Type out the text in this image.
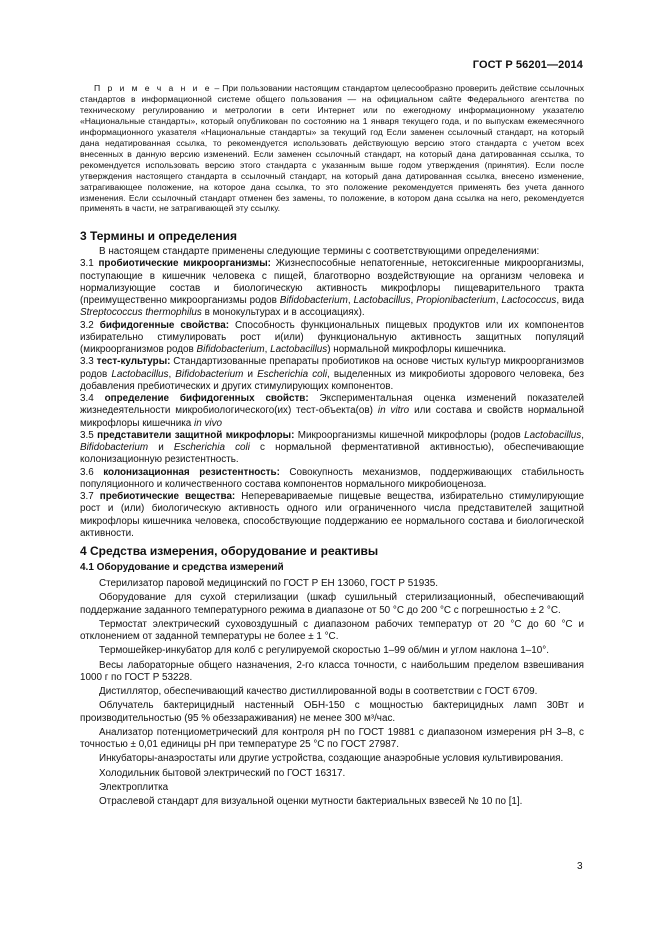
ГОСТ Р 56201—2014
П р и м е ч а н и е – При пользовании настоящим стандартом целесообразно проверить действие ссылочных стандартов в информационной системе общего пользования — на официальном сайте Федерального агентства по техническому регулированию и метрологии в сети Интернет или по ежегодному информационному указателю «Национальные стандарты», который опубликован по состоянию на 1 января текущего года, и по выпускам ежемесячного информационного указателя «Национальные стандарты» за текущий год Если заменен ссылочный стандарт, на который дана недатированная ссылка, то рекомендуется использовать действующую версию этого стандарта с учетом всех внесенных в данную версию изменений. Если заменен ссылочный стандарт, на который дана датированная ссылка, то рекомендуется использовать версию этого стандарта с указанным выше годом утверждения (принятия). Если после утверждения настоящего стандарта в ссылочный стандарт, на который дана датированная ссылка, внесено изменение, затрагивающее положение, на которое дана ссылка, то это положение рекомендуется применять без учета данного изменения. Если ссылочный стандарт отменен без замены, то положение, в котором дана ссылка на него, рекомендуется применять в части, не затрагивающей эту ссылку.
3 Термины и определения

В настоящем стандарте применены следующие термины с соответствующими определениями:

3.1 пробиотические микроорганизмы: Жизнеспособные непатогенные, нетоксигенные микроорганизмы, поступающие в кишечник человека с пищей, благотворно воздействующие на организм человека и нормализующие состав и биологическую активность микрофлоры пищеварительного тракта (преимущественно микроорганизмы родов Bifidobacterium, Lactobacillus, Propionibacterium, Lactococcus, вида Streptococcus thermophilus в монокультурах и в ассоциациях).

3.2 бифидогенные свойства: Способность функциональных пищевых продуктов или их компонентов избирательно стимулировать рост и(или) функциональную активность защитных популяций (микроорганизмов родов Bifidobacterium, Lactobacillus) нормальной микрофлоры кишечника.

3.3 тест-культуры: Стандартизованные препараты пробиотиков на основе чистых культур микроорганизмов родов Lactobacillus, Bifidobacterium и Escherichia coli, выделенных из микробиоты здорового человека, без добавления пребиотических и других стимулирующих компонентов.

3.4 определение бифидогенных свойств: Экспериментальная оценка изменений показателей жизнедеятельности микробиологического(их) тест-объекта(ов) in vitro или состава и свойств нормальной микрофлоры кишечника in vivo

3.5 представители защитной микрофлоры: Микроорганизмы кишечной микрофлоры (родов Lactobacillus, Bifidobacterium и Escherichia coli с нормальной ферментативной активностью), обеспечивающие колонизационную резистентность.

3.6 колонизационная резистентность: Совокупность механизмов, поддерживающих стабильность популяционного и количественного состава компонентов нормального микробиоценоза.

3.7 пребиотические вещества: Неперевариваемые пищевые вещества, избирательно стимулирующие рост и (или) биологическую активность одного или ограниченного числа представителей защитной микрофлоры кишечника человека, способствующие поддержанию ее нормального состава и биологической активности.

4 Средства измерения, оборудование и реактивы
4.1 Оборудование и средства измерений

Стерилизатор паровой медицинский по ГОСТ Р ЕН 13060, ГОСТ Р 51935.

Оборудование для сухой стерилизации (шкаф сушильный стерилизационный, обеспечивающий поддержание заданного температурного режима в диапазоне от 50 °С до 200 °С с погрешностью ± 2 °С.

Термостат электрический суховоздушный с диапазоном рабочих температур от 20 °С до 60 °С и отклонением от заданной температуры не более ± 1 °С.

Термошейкер-инкубатор для колб с регулируемой скоростью 1–99 об/мин и углом наклона 1–10°.

Весы лабораторные общего назначения, 2-го класса точности, с наибольшим пределом взвешивания 1000 г по ГОСТ Р 53228.

Дистиллятор, обеспечивающий качество дистиллированной воды в соответствии с ГОСТ 6709.

Облучатель бактерицидный настенный ОБН-150 с мощностью бактерицидных ламп 30Вт и производительностью (95 % обеззараживания) не менее 300 м³/час.

Анализатор потенциометрический для контроля рН по ГОСТ 19881 с диапазоном измерения рН 3–8, с точностью ± 0,01 единицы рН при температуре 25 °С по ГОСТ 27987.

Инкубаторы-анаэростаты или другие устройства, создающие анаэробные условия культивирования.

Холодильник бытовой электрический по ГОСТ 16317.

Электроплитка

Отраслевой стандарт для визуальной оценки мутности бактериальных взвесей № 10 по [1].

3
